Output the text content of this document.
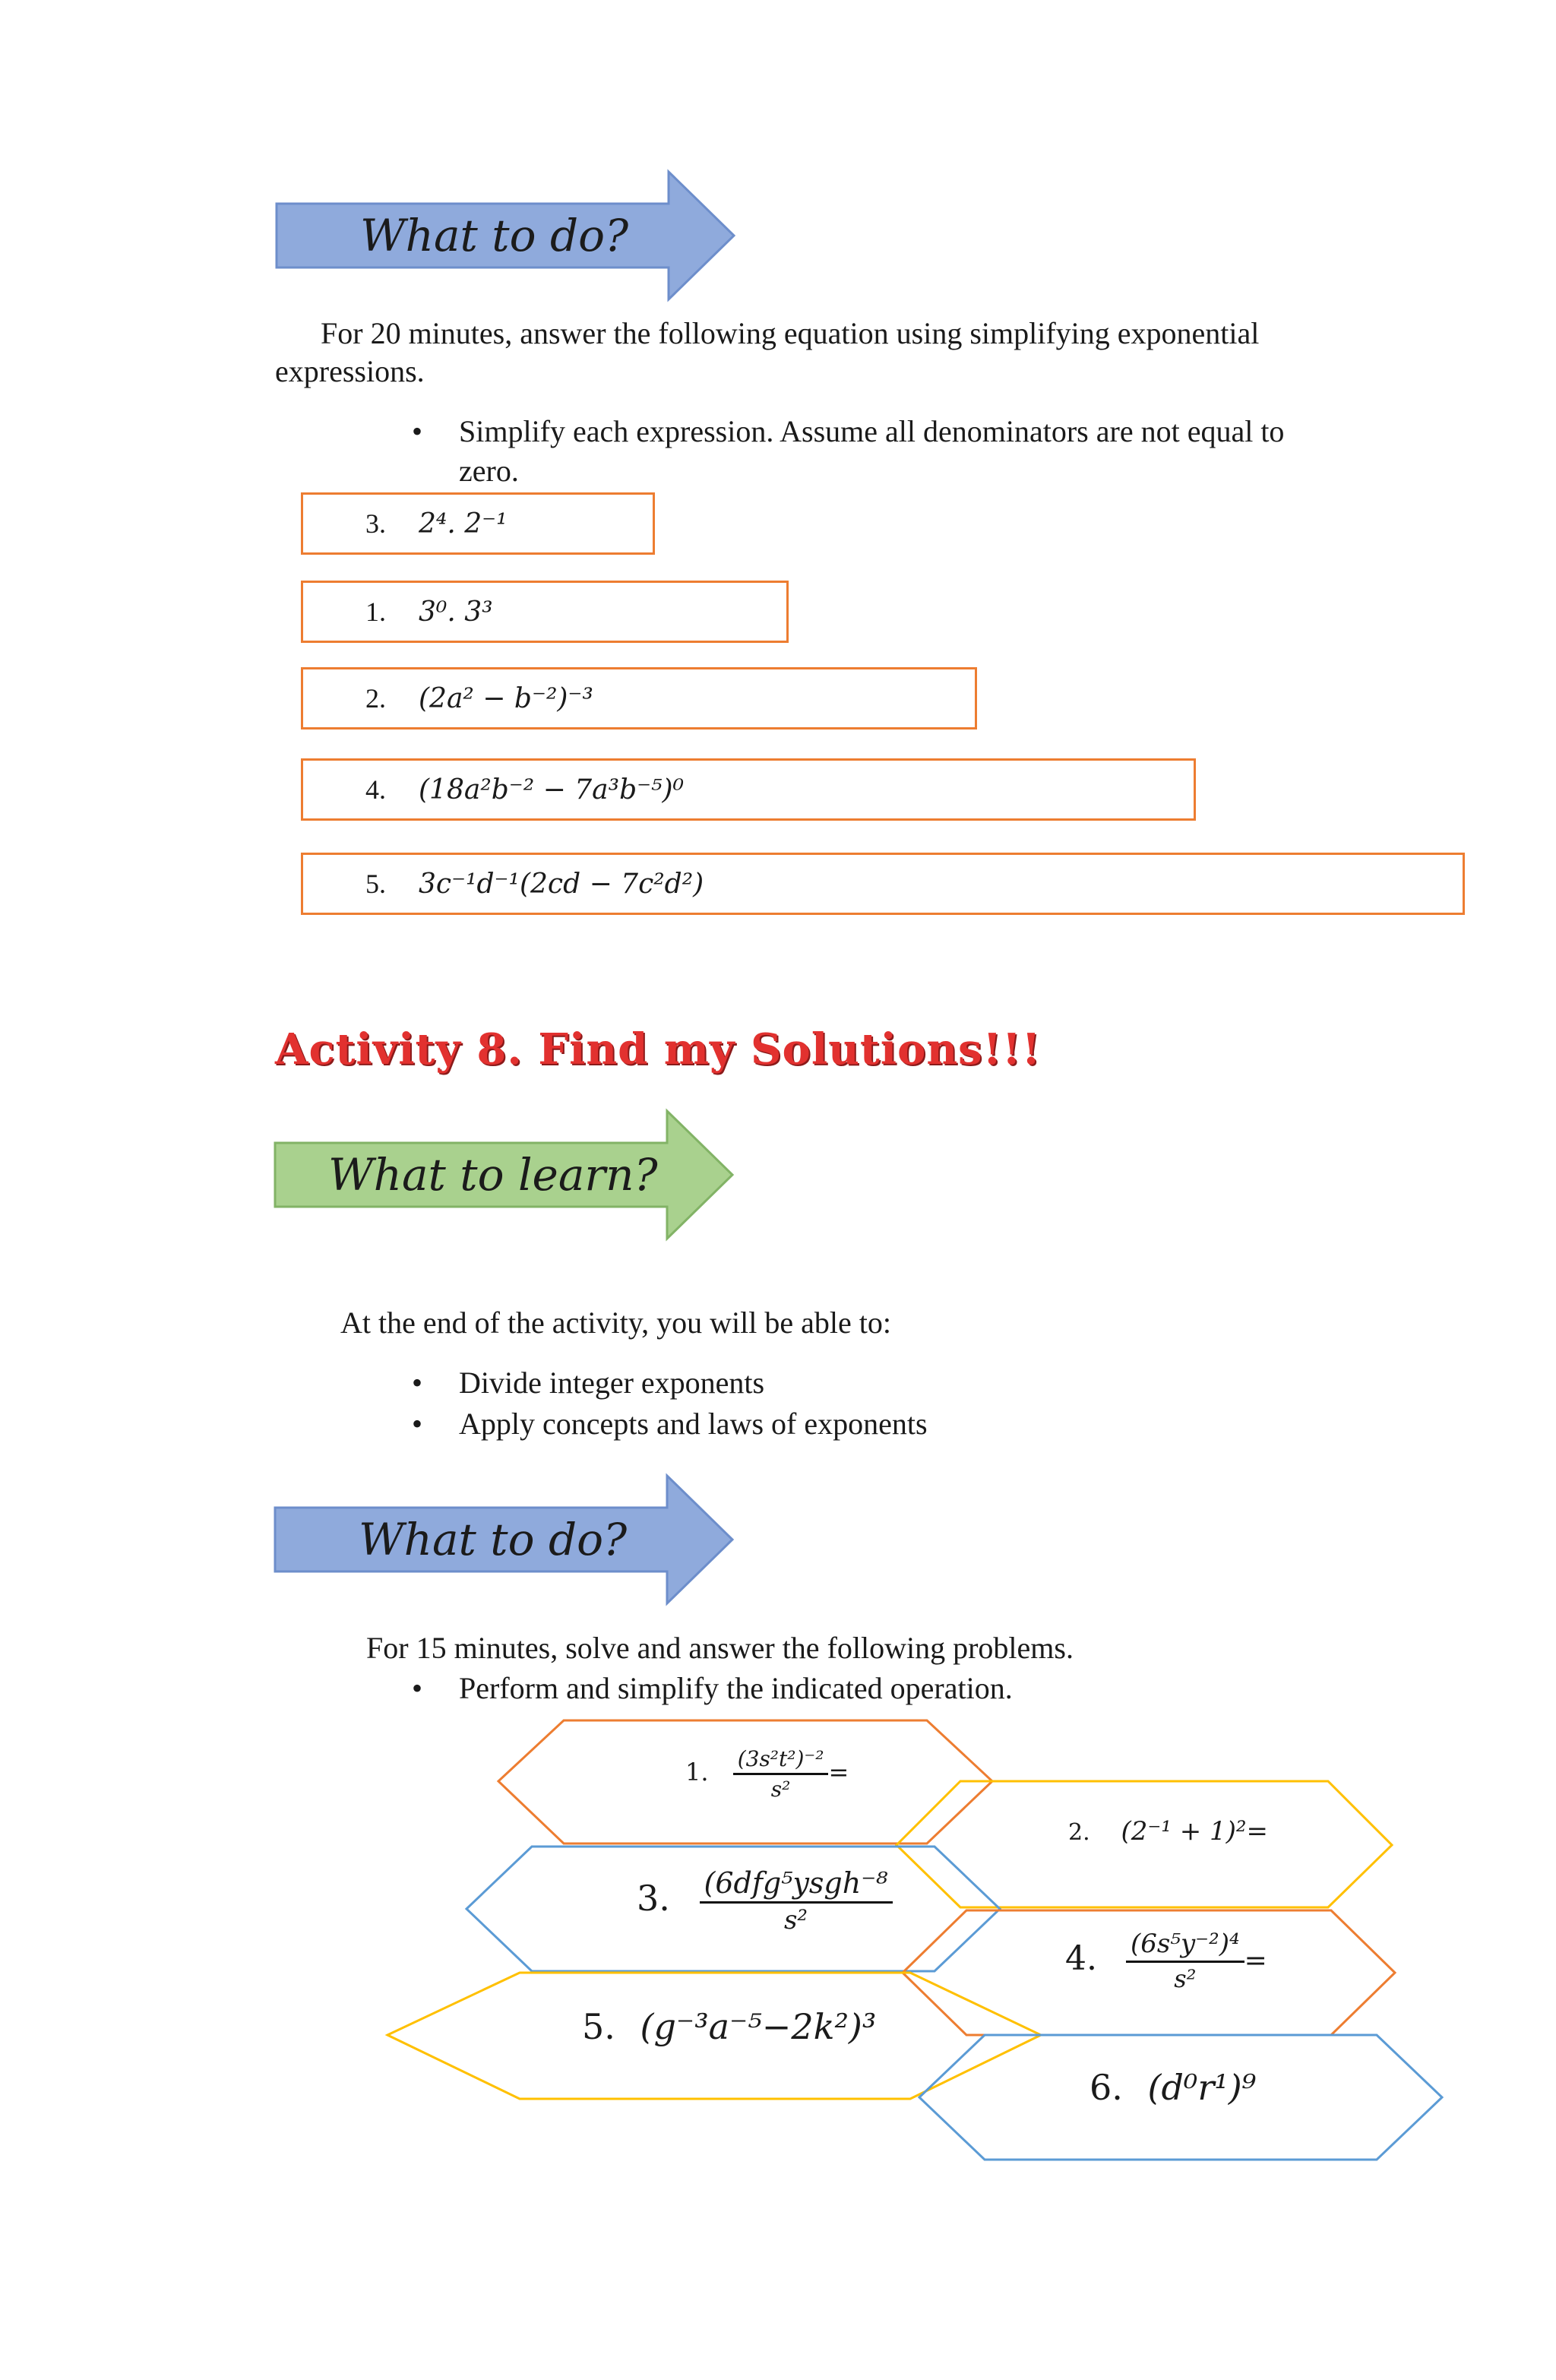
What to do?
For 20 minutes, answer the following equation using simplifying exponential
expressions.
• Simplify each expression. Assume all denominators are not equal to
zero.
3. 2⁴. 2⁻¹
1. 3⁰. 3³
2. (2a² − b⁻²)⁻³
4. (18a²b⁻² − 7a³b⁻⁵)⁰
5. 3c⁻¹d⁻¹(2cd − 7c²d²)
Activity 8. Find my Solutions!!!
What to learn?
At the end of the activity, you will be able to:
• Divide integer exponents
• Apply concepts and laws of exponents
What to do?
For 15 minutes, solve and answer the following problems.
• Perform and simplify the indicated operation.
1. $\frac{\text{(3s²t²)⁻²}}{\text{s²}}$ =
2. (2⁻¹ + 1)²=
3. $\frac{\text{(6dfg⁵ysgh⁻⁸}}{\text{s²}}$
4. $\frac{\text{(6s⁵y⁻²)⁴}}{\text{s²}}$ =
5. (g⁻³a⁻⁵−2k²)³
6. (d⁰r¹)⁹
